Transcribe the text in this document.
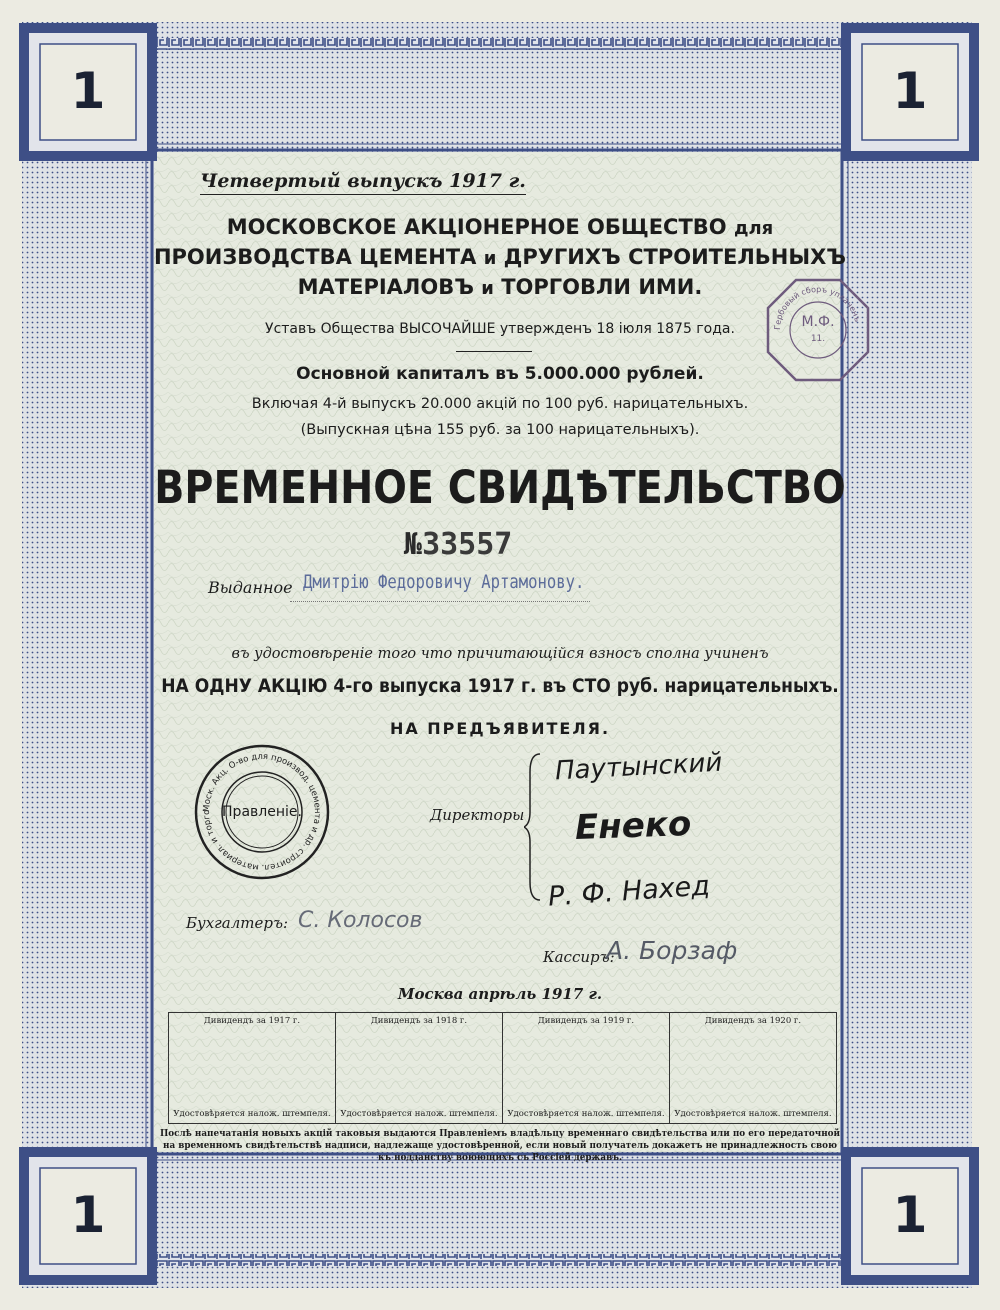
1	1
1	1
Четвертый выпускъ 1917 г.
МОСКОВСКОЕ АКЦIОНЕРНОЕ ОБЩЕСТВО для
ПРОИЗВОДСТВА ЦЕМЕНТА и ДРУГИХЪ СТРОИТЕЛЬНЫХЪ
МАТЕРIАЛОВЪ и ТОРГОВЛИ ИМИ.
Уставъ Общества ВЫСОЧАЙШЕ утвержденъ 18 iюля 1875 года.
Основной капиталъ въ 5.000.000 рублей.
Включая 4-й выпускъ 20.000 акцiй по 100 руб. нарицательныхъ.
(Выпускная цѣна 155 руб. за 100 нарицательныхъ).
ВРЕМЕННОЕ СВИДѢТЕЛЬСТВО
№33557
Выданное Дмитрiю Федоровичу Артамонову.
въ удостовѣренiе того что причитающiйся взносъ сполна учиненъ
НА ОДНУ АКЦIЮ 4-го выпуска 1917 г. въ СТО руб. нарицательныхъ.
НА ПРЕДЪЯВИТЕЛЯ.
Моск. Акц. О-во для производ. цемента и др. строител. материал. и торго Правленiе.	Директоры
Паутынский
Енеко
Р. Ф. Нахед
Бухгалтеръ: С. Колосов
Кассиръ:
А. Борзаф
Москва апрѣль 1917 г.
Дивидендъ за 1917 г.
Удостовѣряется налож. штемпеля.

Дивидендъ за 1918 г.
Удостовѣряется налож. штемпеля.

Дивидендъ за 1919 г.
Удостовѣряется налож. штемпеля.

Дивидендъ за 1920 г.
Удостовѣряется налож. штемпеля.
Послѣ напечатанiя новыхъ акцiй таковыя выдаются Правленiемъ владѣльцу временнаго свидѣтельства или по его передаточной
на временномъ свидѣтельствѣ надписи, надлежаще удостовѣренной, если новый получатель докажетъ не принадлежность свою
къ подданству воюющихъ съ Россiей державъ.
Гербовый сборъ уплаченъ
М.Ф.
11.
